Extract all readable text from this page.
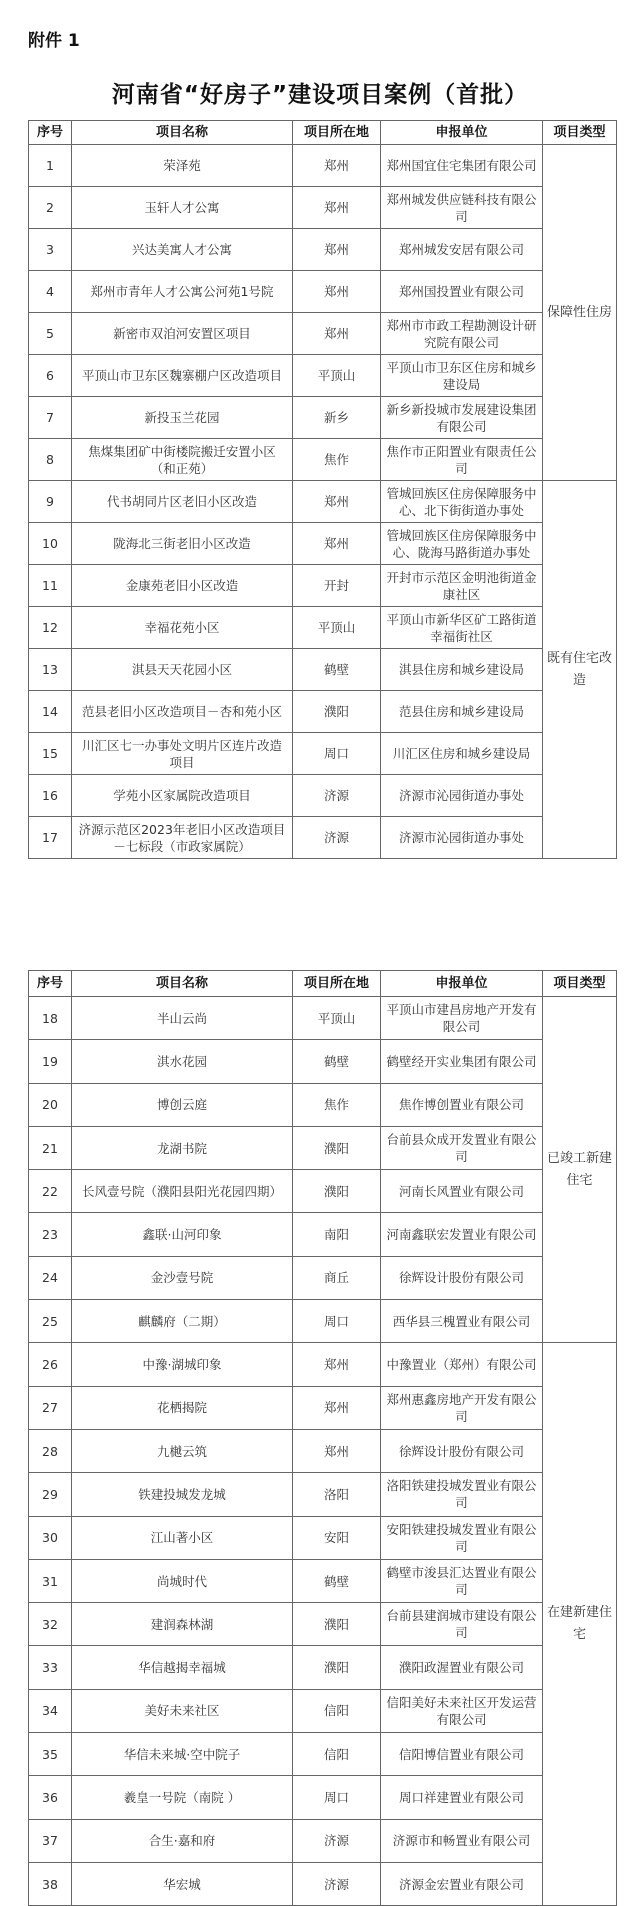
附件 1
河南省“好房子”建设项目案例（首批）
序号	项目名称	项目所在地	申报单位	项目类型
1	荣泽苑	郑州	郑州国宜住宅集团有限公司	保障性住房
2	玉轩人才公寓	郑州	郑州城发供应链科技有限公司	
3	兴达美寓人才公寓	郑州	郑州城发安居有限公司	
4	郑州市青年人才公寓公河苑1号院	郑州	郑州国投置业有限公司	
5	新密市双洎河安置区项目	郑州	郑州市市政工程勘测设计研究院有限公司	
6	平顶山市卫东区魏寨棚户区改造项目	平顶山	平顶山市卫东区住房和城乡建设局	
7	新投玉兰花园	新乡	新乡新投城市发展建设集团有限公司	
8	焦煤集团矿中街楼院搬迁安置小区（和正苑）	焦作	焦作市正阳置业有限责任公司	
9	代书胡同片区老旧小区改造	郑州	管城回族区住房保障服务中心、北下街街道办事处	既有住宅改造
10	陇海北三街老旧小区改造	郑州	管城回族区住房保障服务中心、陇海马路街道办事处	
11	金康苑老旧小区改造	开封	开封市示范区金明池街道金康社区	
12	幸福花苑小区	平顶山	平顶山市新华区矿工路街道幸福街社区	
13	淇县天天花园小区	鹤壁	淇县住房和城乡建设局	
14	范县老旧小区改造项目－杏和苑小区	濮阳	范县住房和城乡建设局	
15	川汇区七一办事处文明片区连片改造项目	周口	川汇区住房和城乡建设局	
16	学苑小区家属院改造项目	济源	济源市沁园街道办事处	
17	济源示范区2023年老旧小区改造项目－七标段（市政家属院）	济源	济源市沁园街道办事处	
序号	项目名称	项目所在地	申报单位	项目类型
18	半山云尚	平顶山	平顶山市建昌房地产开发有限公司	已竣工新建住宅
19	淇水花园	鹤壁	鹤壁经开实业集团有限公司	
20	博创云庭	焦作	焦作博创置业有限公司	
21	龙湖书院	濮阳	台前县众成开发置业有限公司	
22	长风壹号院（濮阳县阳光花园四期）	濮阳	河南长风置业有限公司	
23	鑫联·山河印象	南阳	河南鑫联宏发置业有限公司	
24	金沙壹号院	商丘	徐辉设计股份有限公司	
25	麒麟府（二期）	周口	西华县三槐置业有限公司	
26	中豫·湖城印象	郑州	中豫置业（郑州）有限公司	在建新建住宅
27	花栖揭院	郑州	郑州惠鑫房地产开发有限公司	
28	九樾云筑	郑州	徐辉设计股份有限公司	
29	铁建投城发龙城	洛阳	洛阳铁建投城发置业有限公司	
30	江山著小区	安阳	安阳铁建投城发置业有限公司	
31	尚城时代	鹤壁	鹤壁市浚县汇达置业有限公司	
32	建润森林湖	濮阳	台前县建润城市建设有限公司	
33	华信越揭幸福城	濮阳	濮阳政渥置业有限公司	
34	美好未来社区	信阳	信阳美好未来社区开发运营有限公司	
35	华信未来城·空中院子	信阳	信阳博信置业有限公司	
36	羲皇一号院（南院 ）	周口	周口祥建置业有限公司	
37	合生·嘉和府	济源	济源市和畅置业有限公司	
38	华宏城	济源	济源金宏置业有限公司	
